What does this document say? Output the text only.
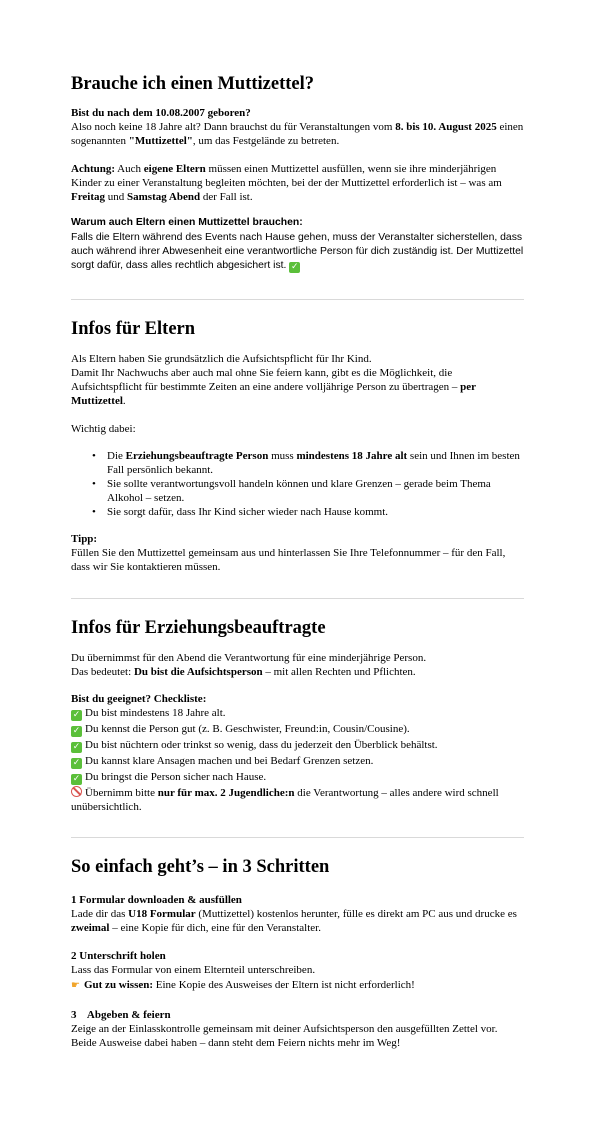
Brauche ich einen Muttizettel?

Bist du nach dem 10.08.2007 geboren?

Also noch keine 18 Jahre alt? Dann brauchst du für Veranstaltungen vom 8. bis 10. August 2025 einen sogenannten "Muttizettel", um das Festgelände zu betreten.

Achtung: Auch eigene Eltern müssen einen Muttizettel ausfüllen, wenn sie ihre minderjährigen Kinder zu einer Veranstaltung begleiten möchten, bei der der Muttizettel erforderlich ist – was am Freitag und Samstag Abend der Fall ist.

Warum auch Eltern einen Muttizettel brauchen:

Falls die Eltern während des Events nach Hause gehen, muss der Veranstalter sicherstellen, dass auch während ihrer Abwesenheit eine verantwortliche Person für dich zuständig ist. Der Muttizettel sorgt dafür, dass alles rechtlich abgesichert ist. ✓

Infos für Eltern

Als Eltern haben Sie grundsätzlich die Aufsichtspflicht für Ihr Kind.

Damit Ihr Nachwuchs aber auch mal ohne Sie feiern kann, gibt es die Möglichkeit, die Aufsichtspflicht für bestimmte Zeiten an eine andere volljährige Person zu übertragen – per Muttizettel.

Wichtig dabei:

• Die Erziehungsbeauftragte Person muss mindestens 18 Jahre alt sein und Ihnen im besten Fall persönlich bekannt.
• Sie sollte verantwortungsvoll handeln können und klare Grenzen – gerade beim Thema Alkohol – setzen.
• Sie sorgt dafür, dass Ihr Kind sicher wieder nach Hause kommt.

Tipp:

Füllen Sie den Muttizettel gemeinsam aus und hinterlassen Sie Ihre Telefonnummer – für den Fall, dass wir Sie kontaktieren müssen.

Infos für Erziehungsbeauftragte

Du übernimmst für den Abend die Verantwortung für eine minderjährige Person.

Das bedeutet: Du bist die Aufsichtsperson – mit allen Rechten und Pflichten.

Bist du geeignet? Checkliste:

✓ Du bist mindestens 18 Jahre alt.

✓ Du kennst die Person gut (z. B. Geschwister, Freund:in, Cousin/Cousine).

✓ Du bist nüchtern oder trinkst so wenig, dass du jederzeit den Überblick behältst.

✓ Du kannst klare Ansagen machen und bei Bedarf Grenzen setzen.

✓ Du bringst die Person sicher nach Hause.

Übernimm bitte nur für max. 2 Jugendliche:n die Verantwortung – alles andere wird schnell unübersichtlich.

So einfach geht’s – in 3 Schritten

1 Formular downloaden & ausfüllen

Lade dir das U18 Formular (Muttizettel) kostenlos herunter, fülle es direkt am PC aus und drucke es zweimal – eine Kopie für dich, eine für den Veranstalter.

2 Unterschrift holen

Lass das Formular von einem Elternteil unterschreiben.

☛ Gut zu wissen: Eine Kopie des Ausweises der Eltern ist nicht erforderlich!

3    Abgeben & feiern

Zeige an der Einlasskontrolle gemeinsam mit deiner Aufsichtsperson den ausgefüllten Zettel vor. Beide Ausweise dabei haben – dann steht dem Feiern nichts mehr im Weg!
